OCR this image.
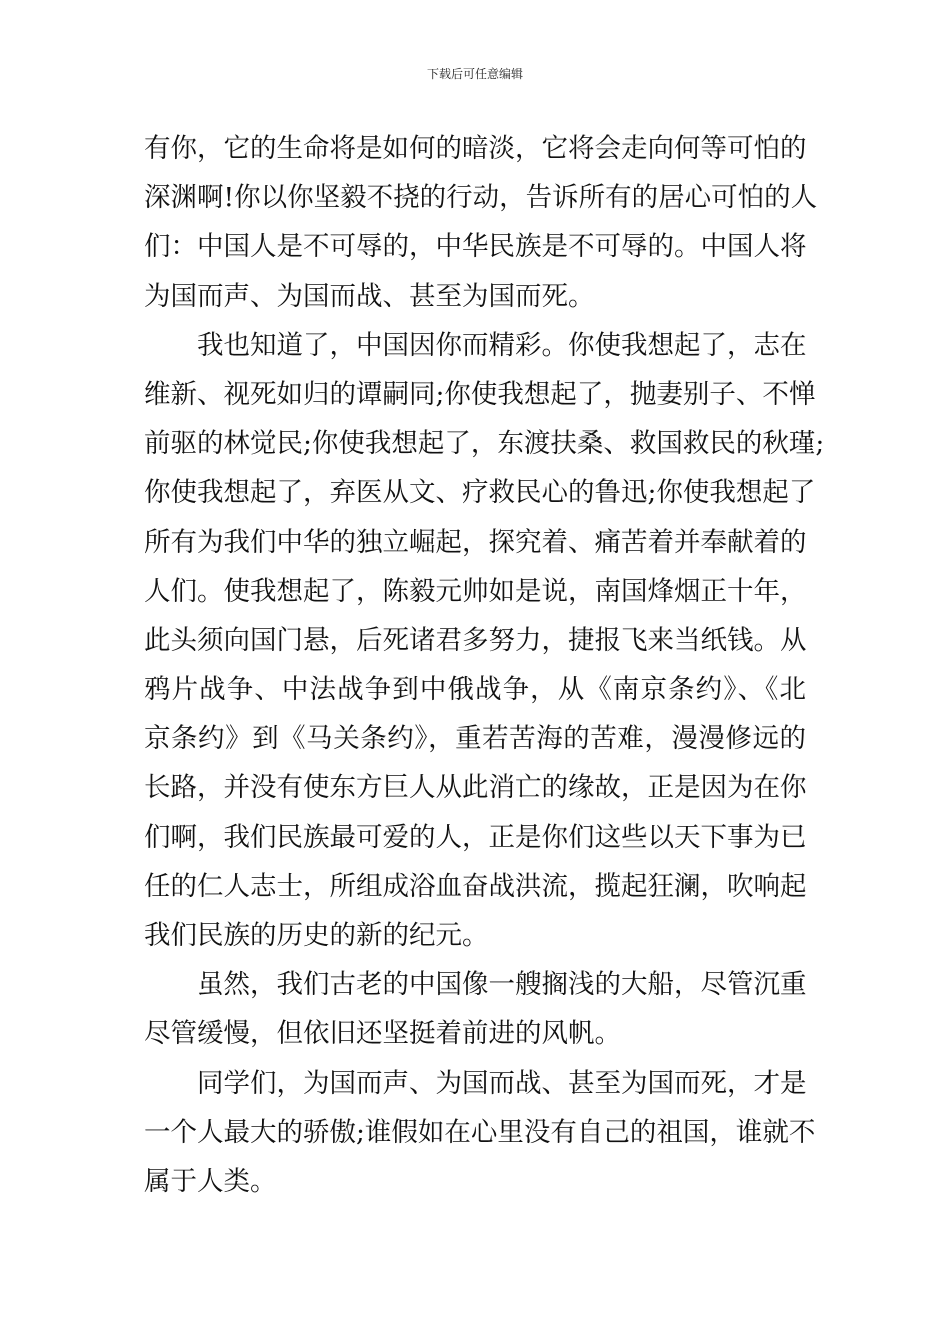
下载后可任意编辑
有你，它的生命将是如何的暗淡，它将会走向何等可怕的
深渊啊!你以你坚毅不挠的行动，告诉所有的居心可怕的人
们：中国人是不可辱的，中华民族是不可辱的。中国人将
为国而声、为国而战、甚至为国而死。
我也知道了，中国因你而精彩。你使我想起了，志在
维新、视死如归的谭嗣同;你使我想起了，抛妻别子、不惮
前驱的林觉民;你使我想起了，东渡扶桑、救国救民的秋瑾;
你使我想起了，弃医从文、疗救民心的鲁迅;你使我想起了
所有为我们中华的独立崛起，探究着、痛苦着并奉献着的
人们。使我想起了，陈毅元帅如是说，南国烽烟正十年，
此头须向国门悬，后死诸君多努力，捷报飞来当纸钱。从
鸦片战争、中法战争到中俄战争，从《南京条约》、《北
京条约》到《马关条约》，重若苦海的苦难，漫漫修远的
长路，并没有使东方巨人从此消亡的缘故，正是因为在你
们啊，我们民族最可爱的人，正是你们这些以天下事为已
任的仁人志士，所组成浴血奋战洪流，揽起狂澜，吹响起
我们民族的历史的新的纪元。
虽然，我们古老的中国像一艘搁浅的大船，尽管沉重
尽管缓慢，但依旧还坚挺着前进的风帆。
同学们，为国而声、为国而战、甚至为国而死，才是
一个人最大的骄傲;谁假如在心里没有自己的祖国，谁就不
属于人类。
